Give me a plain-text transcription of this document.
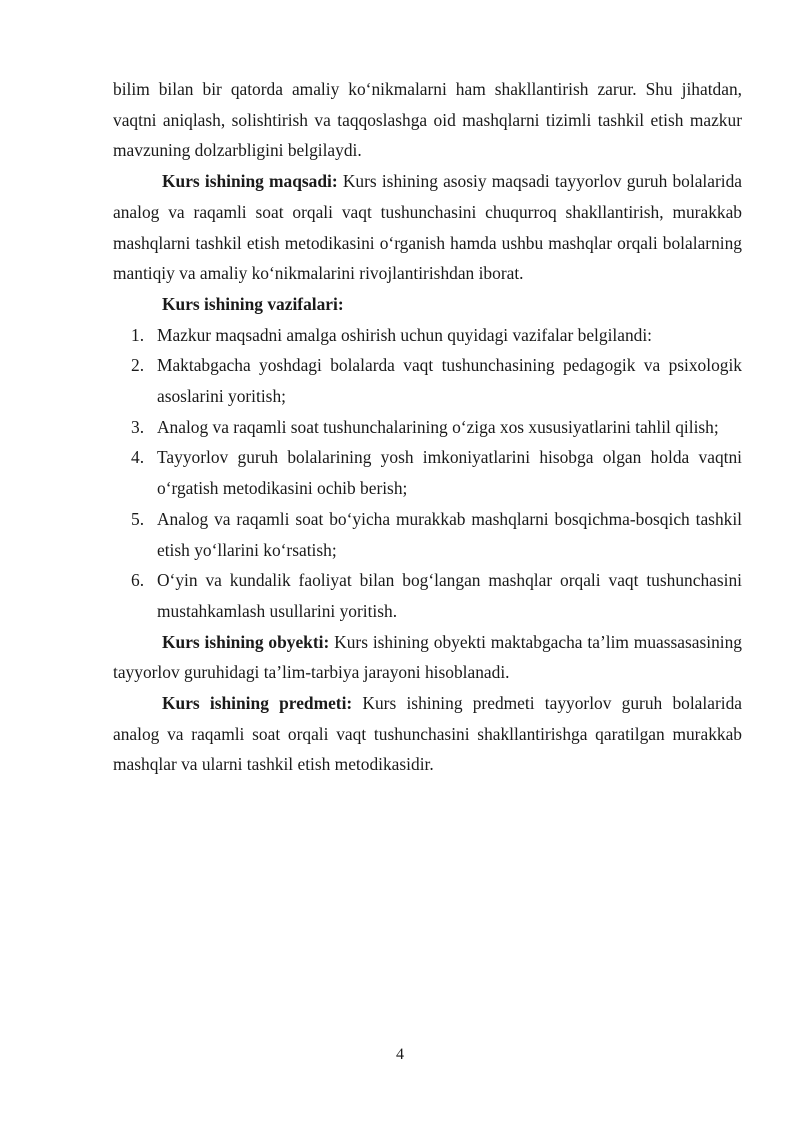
bilim bilan bir qatorda amaliy ko‘nikmalarni ham shakllantirish zarur. Shu jihatdan, vaqtni aniqlash, solishtirish va taqqoslashga oid mashqlarni tizimli tashkil etish mazkur mavzuning dolzarbligini belgilaydi.

Kurs ishining maqsadi: Kurs ishining asosiy maqsadi tayyorlov guruh bolalarida analog va raqamli soat orqali vaqt tushunchasini chuqurroq shakllantirish, murakkab mashqlarni tashkil etish metodikasini o‘rganish hamda ushbu mashqlar orqali bolalarning mantiqiy va amaliy ko‘nikmalarini rivojlantirishdan iborat.

Kurs ishining vazifalari:

1. Mazkur maqsadni amalga oshirish uchun quyidagi vazifalar belgilandi:
2. Maktabgacha yoshdagi bolalarda vaqt tushunchasining pedagogik va psixologik asoslarini yoritish;
3. Analog va raqamli soat tushunchalarining o‘ziga xos xususiyatlarini tahlil qilish;
4. Tayyorlov guruh bolalarining yosh imkoniyatlarini hisobga olgan holda vaqtni o‘rgatish metodikasini ochib berish;
5. Analog va raqamli soat bo‘yicha murakkab mashqlarni bosqichma-bosqich tashkil etish yo‘llarini ko‘rsatish;
6. O‘yin va kundalik faoliyat bilan bog‘langan mashqlar orqali vaqt tushunchasini mustahkamlash usullarini yoritish.

Kurs ishining obyekti: Kurs ishining obyekti maktabgacha ta’lim muassasasining tayyorlov guruhidagi ta’lim-tarbiya jarayoni hisoblanadi.

Kurs ishining predmeti: Kurs ishining predmeti tayyorlov guruh bolalarida analog va raqamli soat orqali vaqt tushunchasini shakllantirishga qaratilgan murakkab mashqlar va ularni tashkil etish metodikasidir.

4
